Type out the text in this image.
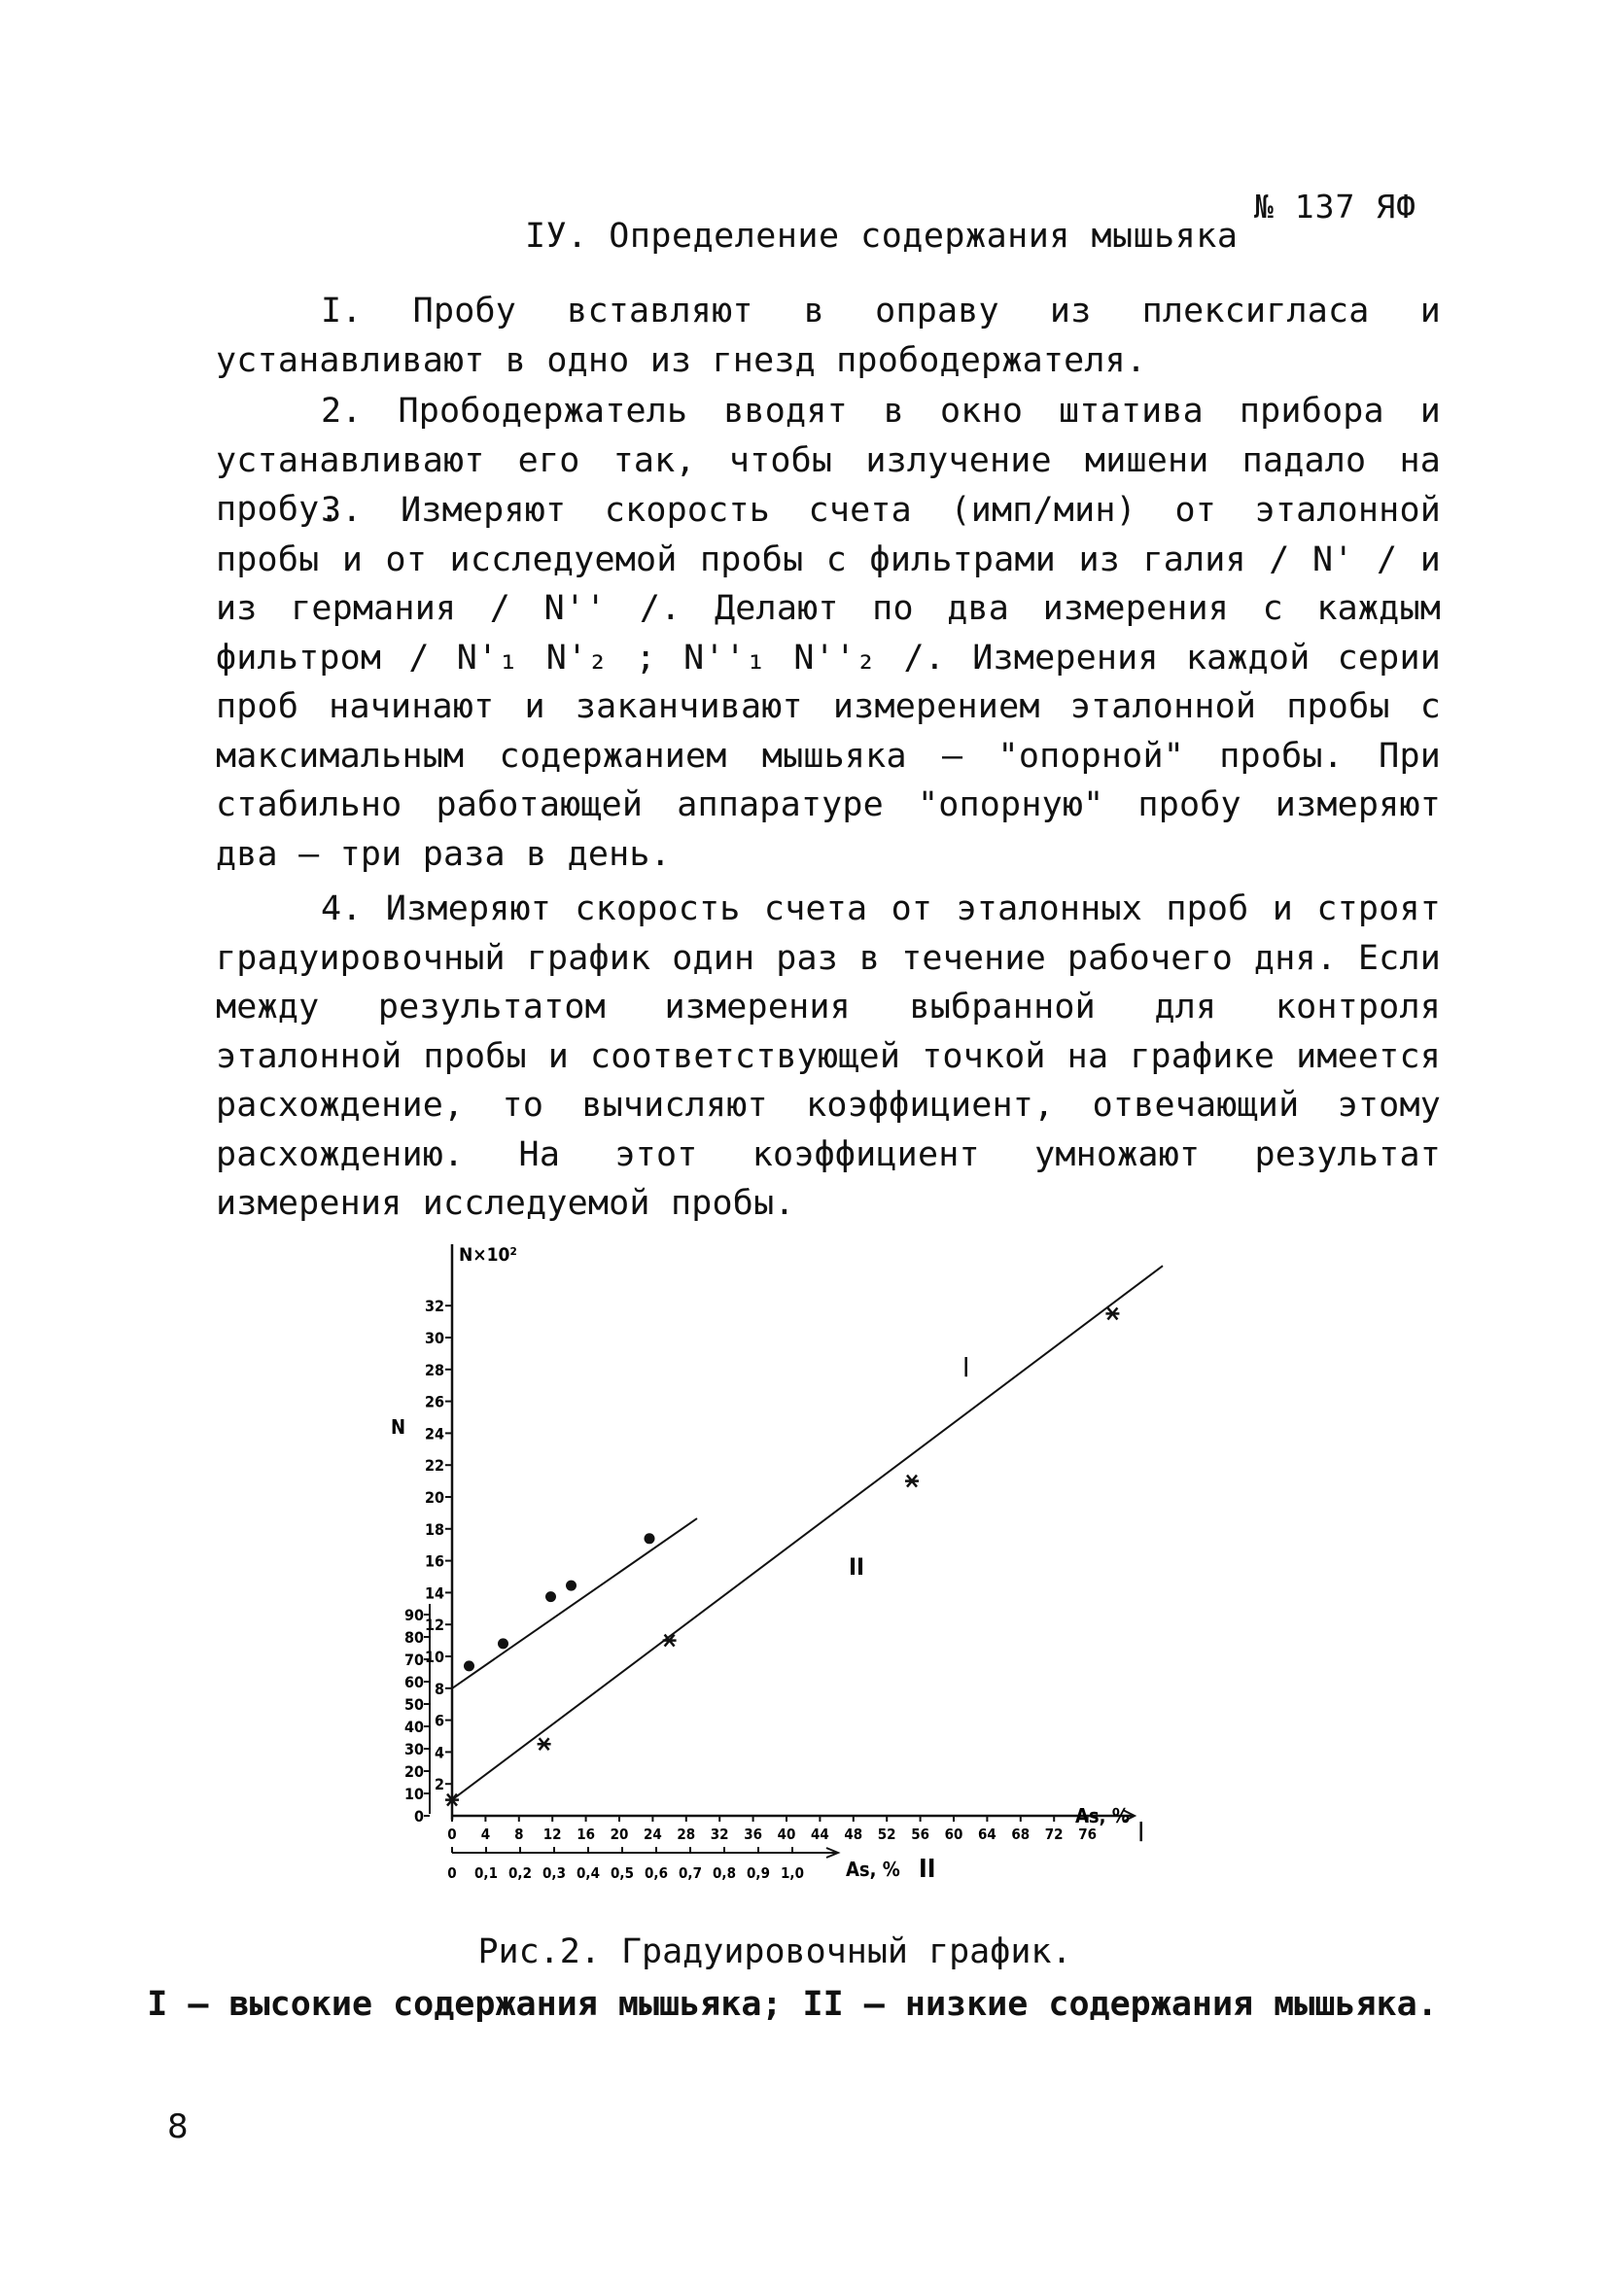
№ 137 ЯФ
IУ. Определение содержания мышьяка

I. Пробу вставляют в оправу из плексигласа и устанавливают в одно из гнезд прободержателя.

2. Прободержатель вводят в окно штатива прибора и устанавливают его так, чтобы излучение мишени падало на пробу.

3. Измеряют скорость счета (имп/мин) от эталонной пробы и от исследуемой пробы с фильтрами из галия / N' / и из германия / N'' /. Делают по два измерения с каждым фильтром / N'₁ N'₂ ; N''₁ N''₂ /. Измерения каждой серии проб начинают и заканчивают измерением эталонной пробы с максимальным содержанием мышьяка – "опорной" пробы. При стабильно работающей аппаратуре "опорную" пробу измеряют два – три раза в день.

4. Измеряют скорость счета от эталонных проб и строят градуировочный график один раз в течение рабочего дня. Если между результатом измерения выбранной для контроля эталонной пробы и соответствующей точкой на графике имеется расхождение, то вычисляют коэффициент, отвечающий этому расхождению. На этот коэффициент умножают результат измерения исследуемой пробы.

2
4
6
8
10
12
14
16
18
20
22
24
26
28
30
32
0
10
20
30
40
50
60
70
80
90
0 4 8 12 16 20 24 28 32 36 40 44 48 52 56 60 64 68 72 76
0 0,1 0,2 0,3 0,4 0,5 0,6 0,7 0,8 0,9 1,0
N×10²
N
As, % I
As, % II
I
II
Рис.2. Градуировочный график.
I – высокие содержания мышьяка; II – низкие содержания мышьяка.
8
